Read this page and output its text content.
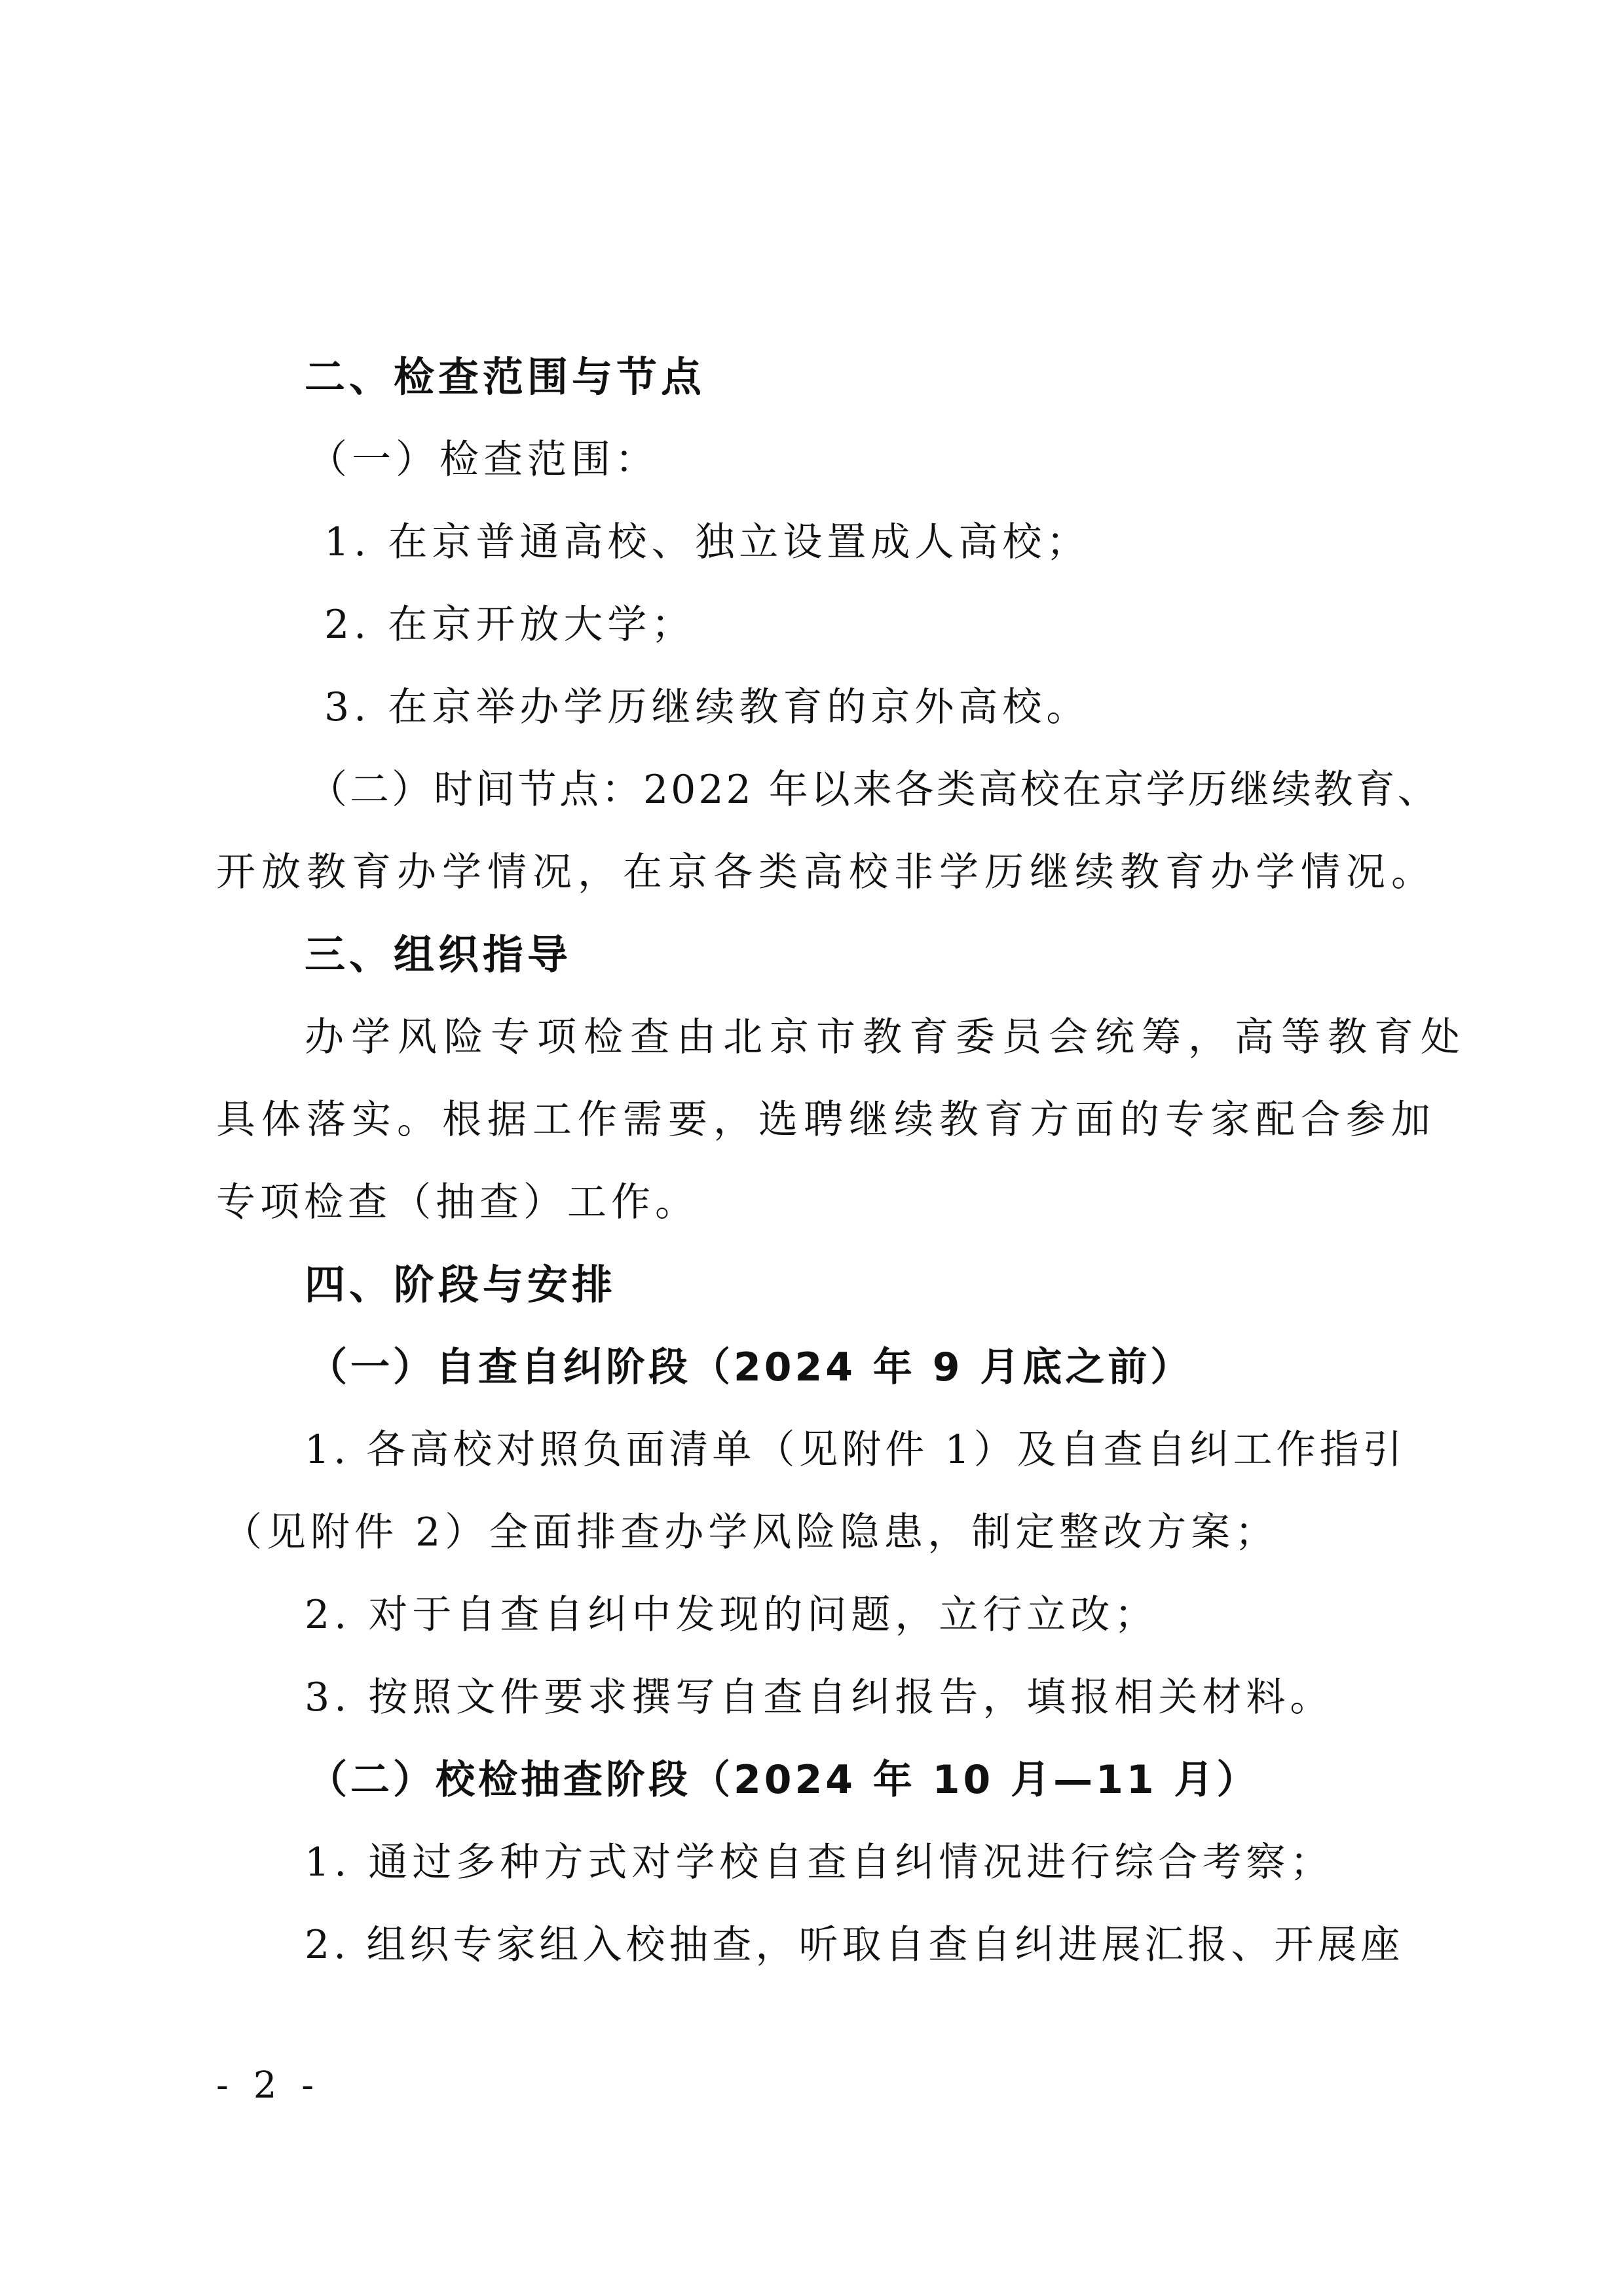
二、检查范围与节点
（一）检查范围：
1. 在京普通高校、独立设置成人高校；
2. 在京开放大学；
3. 在京举办学历继续教育的京外高校。
（二）时间节点：2022 年以来各类高校在京学历继续教育、
开放教育办学情况，在京各类高校非学历继续教育办学情况。
三、组织指导
办学风险专项检查由北京市教育委员会统筹，高等教育处
具体落实。根据工作需要，选聘继续教育方面的专家配合参加
专项检查（抽查）工作。
四、阶段与安排
（一）自查自纠阶段（2024 年 9 月底之前）
1. 各高校对照负面清单（见附件 1）及自查自纠工作指引
（见附件 2）全面排查办学风险隐患，制定整改方案；
2. 对于自查自纠中发现的问题，立行立改；
3. 按照文件要求撰写自查自纠报告，填报相关材料。
（二）校检抽查阶段（2024 年 10 月—11 月）
1. 通过多种方式对学校自查自纠情况进行综合考察；
2. 组织专家组入校抽查，听取自查自纠进展汇报、开展座
- 2 -
